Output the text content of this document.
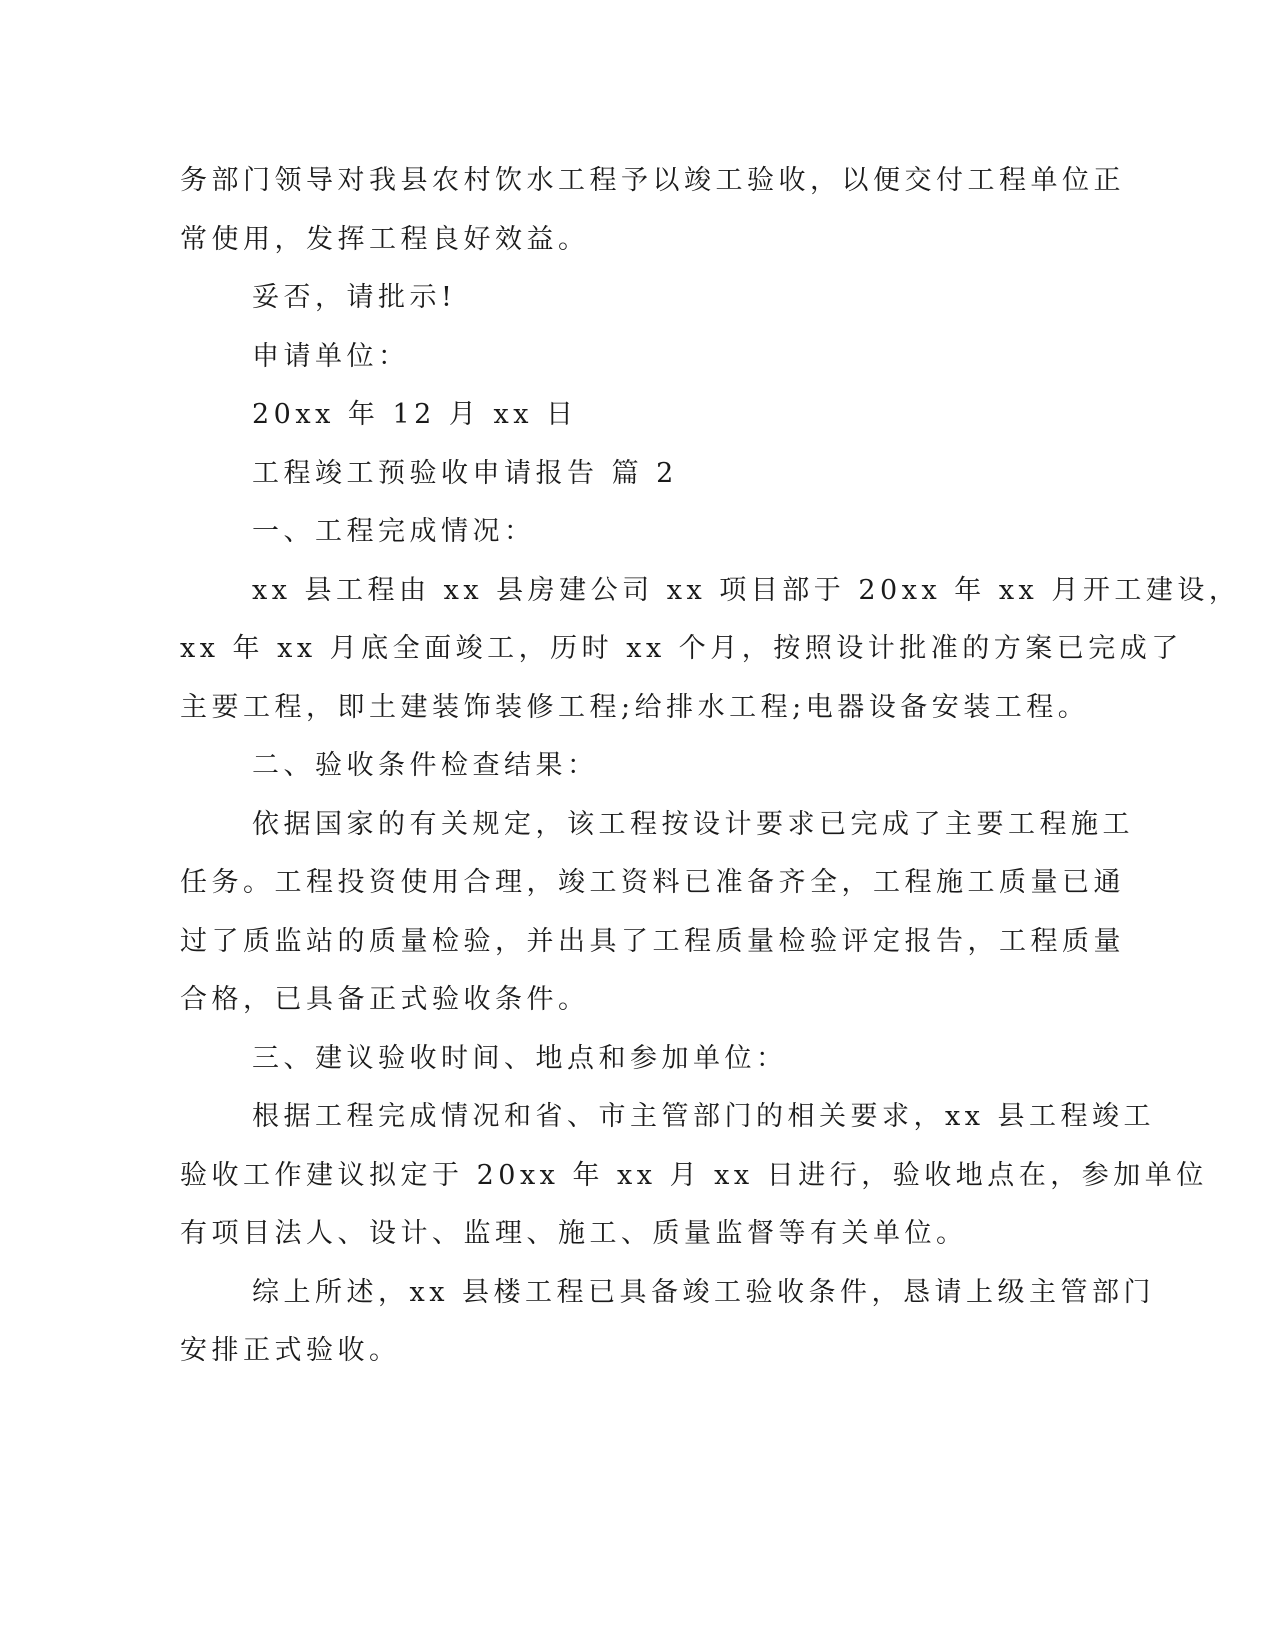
务部门领导对我县农村饮水工程予以竣工验收，以便交付工程单位正
常使用，发挥工程良好效益。
妥否，请批示!
申请单位：
20xx 年 12 月 xx 日
工程竣工预验收申请报告 篇 2
一、工程完成情况：
xx 县工程由 xx 县房建公司 xx 项目部于 20xx 年 xx 月开工建设，
xx 年 xx 月底全面竣工，历时 xx 个月，按照设计批准的方案已完成了
主要工程，即土建装饰装修工程;给排水工程;电器设备安装工程。
二、验收条件检查结果：
依据国家的有关规定，该工程按设计要求已完成了主要工程施工
任务。工程投资使用合理，竣工资料已准备齐全，工程施工质量已通
过了质监站的质量检验，并出具了工程质量检验评定报告，工程质量
合格，已具备正式验收条件。
三、建议验收时间、地点和参加单位：
根据工程完成情况和省、市主管部门的相关要求，xx 县工程竣工
验收工作建议拟定于 20xx 年 xx 月 xx 日进行，验收地点在，参加单位
有项目法人、设计、监理、施工、质量监督等有关单位。
综上所述，xx 县楼工程已具备竣工验收条件，恳请上级主管部门
安排正式验收。
